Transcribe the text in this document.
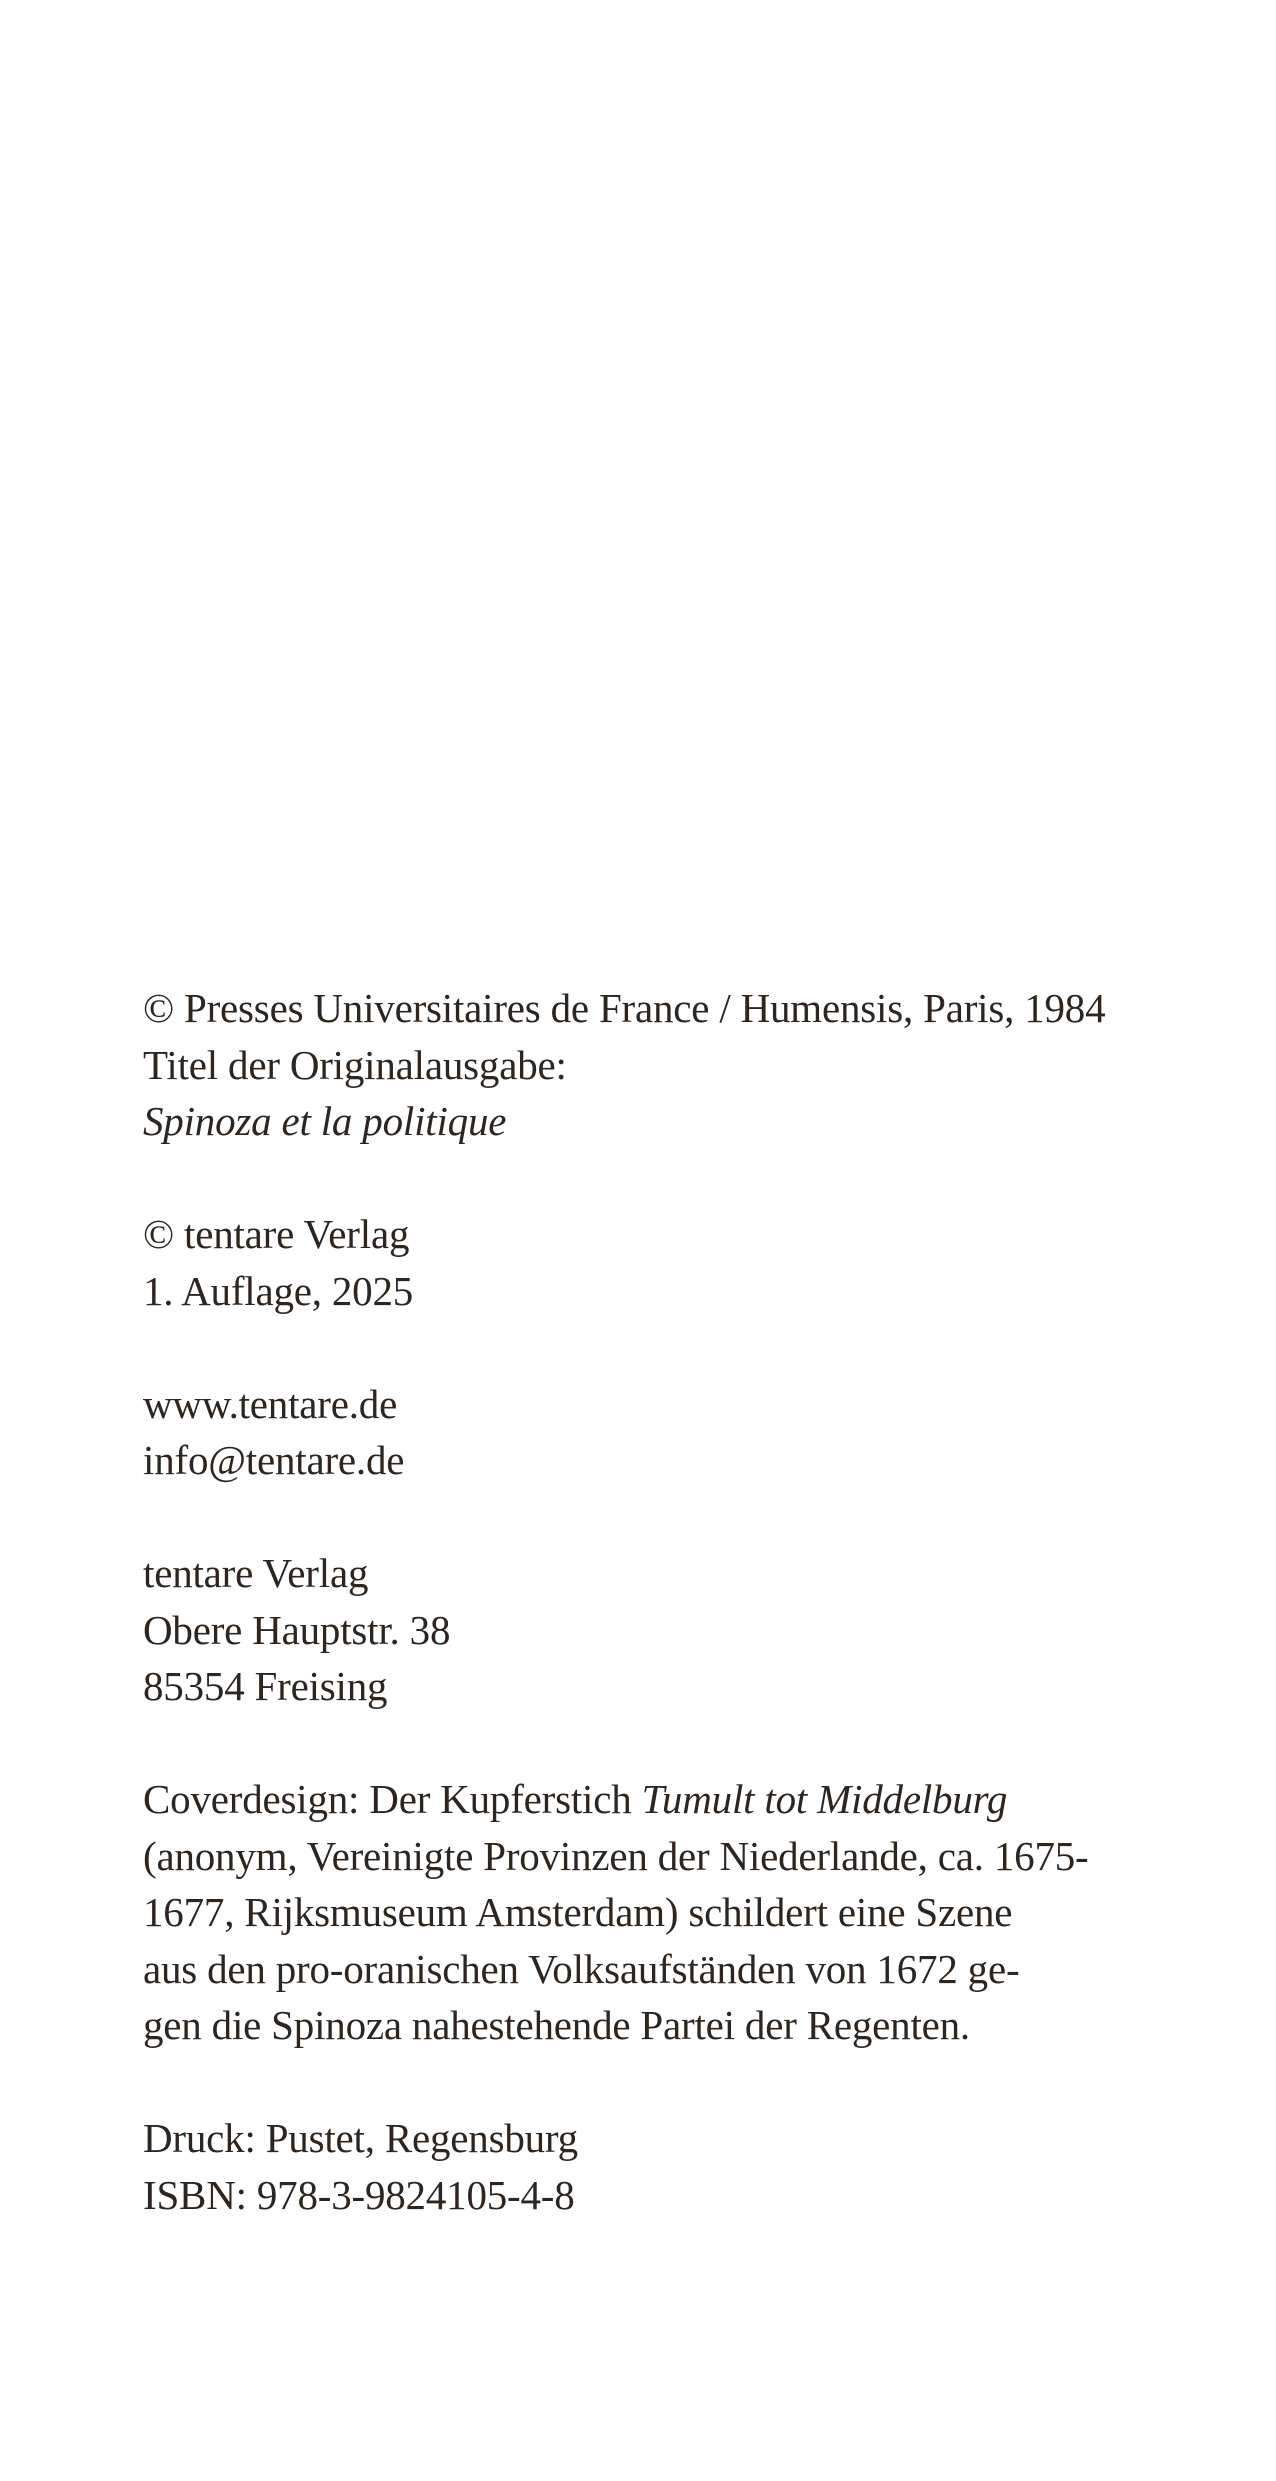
© Presses Universitaires de France / Humensis, Paris, 1984
Titel der Originalausgabe:
Spinoza et la politique
© tentare Verlag
1. Auflage, 2025
www.tentare.de
info@tentare.de
tentare Verlag
Obere Hauptstr. 38
85354 Freising
Coverdesign: Der Kupferstich Tumult tot Middelburg
(anonym, Vereinigte Provinzen der Niederlande, ca. 1675-
1677, Rijksmuseum Amsterdam) schildert eine Szene
aus den pro-oranischen Volksaufständen von 1672 ge-
gen die Spinoza nahestehende Partei der Regenten.
Druck: Pustet, Regensburg
ISBN: 978-3-9824105-4-8
